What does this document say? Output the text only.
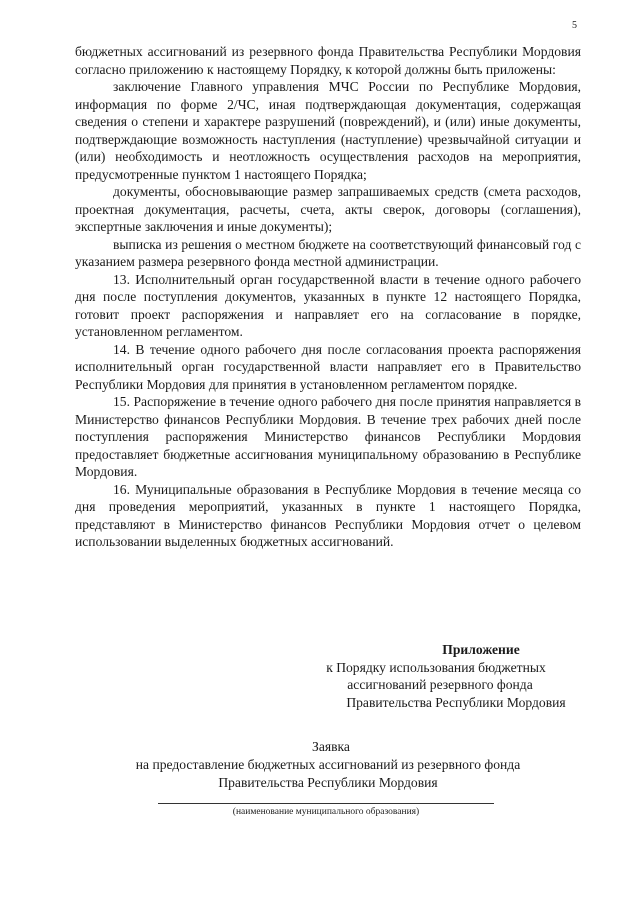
5

бюджетных ассигнований из резервного фонда Правительства Республики Мордовия согласно приложению к настоящему Порядку, к которой должны быть приложены:

заключение Главного управления МЧС России по Республике Мордовия, информация по форме 2/ЧС, иная подтверждающая документация, содержащая сведения о степени и характере разрушений (повреждений), и (или) иные документы, подтверждающие возможность наступления (наступление) чрезвычайной ситуации и (или) необходимость и неотложность осуществления расходов на мероприятия, предусмотренные пунктом 1 настоящего Порядка;

документы, обосновывающие размер запрашиваемых средств (смета расходов, проектная документация, расчеты, счета, акты сверок, договоры (соглашения), экспертные заключения и иные документы);

выписка из решения о местном бюджете на соответствующий финансовый год с указанием размера резервного фонда местной администрации.

13. Исполнительный орган государственной власти в течение одного рабочего дня после поступления документов, указанных в пункте 12 настоящего Порядка, готовит проект распоряжения и направляет его на согласование в порядке, установленном регламентом.

14. В течение одного рабочего дня после согласования проекта распоряжения исполнительный орган государственной власти направляет его в Правительство Республики Мордовия для принятия в установленном регламентом порядке.

15. Распоряжение в течение одного рабочего дня после принятия направляется в Министерство финансов Республики Мордовия. В течение трех рабочих дней после поступления распоряжения Министерство финансов Республики Мордовия предоставляет бюджетные ассигнования муниципальному образованию в Республике Мордовия.

16. Муниципальные образования в Республике Мордовия в течение месяца со дня проведения мероприятий, указанных в пункте 1 настоящего Порядка, представляют в Министерство финансов Республики Мордовия отчет о целевом использовании выделенных бюджетных ассигнований.

Приложение
к Порядку использования бюджетных
ассигнований резервного фонда
Правительства Республики Мордовия
Заявка
на предоставление бюджетных ассигнований из резервного фонда
Правительства Республики Мордовия
(наименование муниципального образования)
